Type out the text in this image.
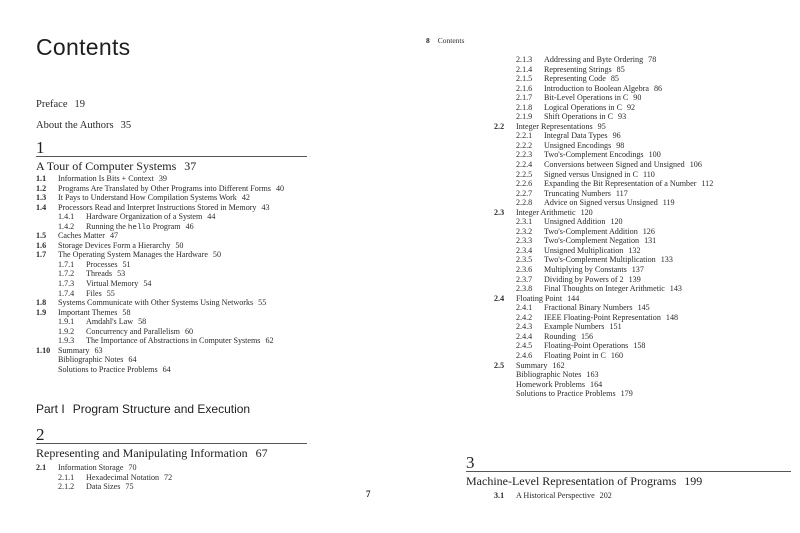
Contents
Preface 19
About the Authors 35
1
A Tour of Computer Systems 37
1.1 Information Is Bits + Context 39
1.2 Programs Are Translated by Other Programs into Different Forms 40
1.3 It Pays to Understand How Compilation Systems Work 42
1.4 Processors Read and Interpret Instructions Stored in Memory 43
1.4.1 Hardware Organization of a System 44
1.4.2 Running the hello Program 46
1.5 Caches Matter 47
1.6 Storage Devices Form a Hierarchy 50
1.7 The Operating System Manages the Hardware 50
1.7.1 Processes 51
1.7.2 Threads 53
1.7.3 Virtual Memory 54
1.7.4 Files 55
1.8 Systems Communicate with Other Systems Using Networks 55
1.9 Important Themes 58
1.9.1 Amdahl's Law 58
1.9.2 Concurrency and Parallelism 60
1.9.3 The Importance of Abstractions in Computer Systems 62
1.10 Summary 63
Bibliographic Notes 64
Solutions to Practice Problems 64
Part I Program Structure and Execution
2
Representing and Manipulating Information 67
2.1 Information Storage 70
2.1.1 Hexadecimal Notation 72
2.1.2 Data Sizes 75
7
8 Contents
2.1.3 Addressing and Byte Ordering 78
2.1.4 Representing Strings 85
2.1.5 Representing Code 85
2.1.6 Introduction to Boolean Algebra 86
2.1.7 Bit-Level Operations in C 90
2.1.8 Logical Operations in C 92
2.1.9 Shift Operations in C 93
2.2 Integer Representations 95
2.2.1 Integral Data Types 96
2.2.2 Unsigned Encodings 98
2.2.3 Two's-Complement Encodings 100
2.2.4 Conversions between Signed and Unsigned 106
2.2.5 Signed versus Unsigned in C 110
2.2.6 Expanding the Bit Representation of a Number 112
2.2.7 Truncating Numbers 117
2.2.8 Advice on Signed versus Unsigned 119
2.3 Integer Arithmetic 120
2.3.1 Unsigned Addition 120
2.3.2 Two's-Complement Addition 126
2.3.3 Two's-Complement Negation 131
2.3.4 Unsigned Multiplication 132
2.3.5 Two's-Complement Multiplication 133
2.3.6 Multiplying by Constants 137
2.3.7 Dividing by Powers of 2 139
2.3.8 Final Thoughts on Integer Arithmetic 143
2.4 Floating Point 144
2.4.1 Fractional Binary Numbers 145
2.4.2 IEEE Floating-Point Representation 148
2.4.3 Example Numbers 151
2.4.4 Rounding 156
2.4.5 Floating-Point Operations 158
2.4.6 Floating Point in C 160
2.5 Summary 162
Bibliographic Notes 163
Homework Problems 164
Solutions to Practice Problems 179
3
Machine-Level Representation of Programs 199
3.1 A Historical Perspective 202
